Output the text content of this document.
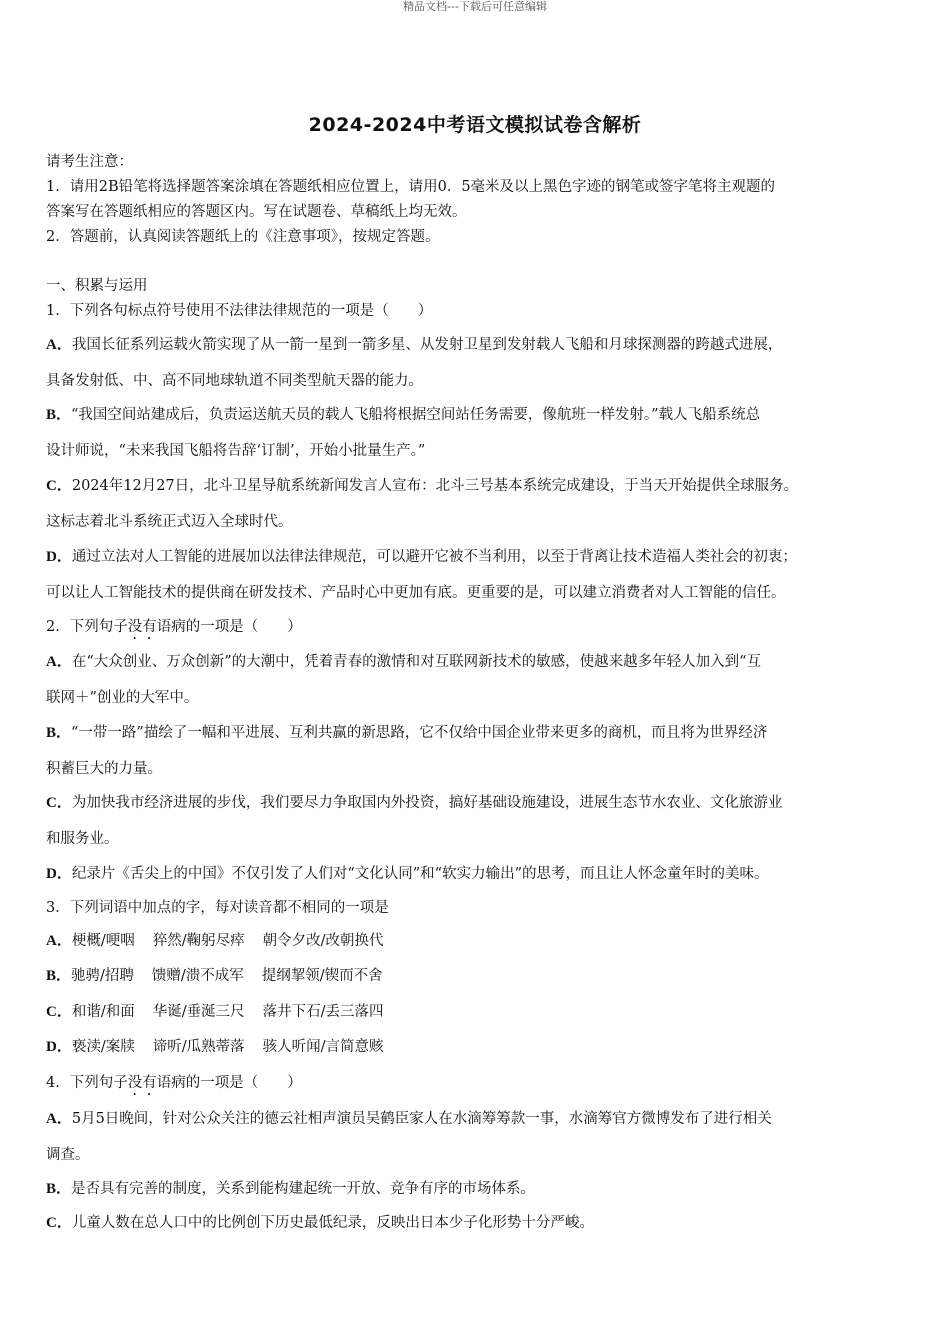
精品文档---下载后可任意编辑
2024-2024中考语文模拟试卷含解析
请考生注意：
1．请用2B铅笔将选择题答案涂填在答题纸相应位置上，请用0．5毫米及以上黑色字迹的钢笔或签字笔将主观题的
答案写在答题纸相应的答题区内。写在试题卷、草稿纸上均无效。
2．答题前，认真阅读答题纸上的《注意事项》，按规定答题。
一、积累与运用
1．下列各句标点符号使用不法律法律规范的一项是（　　）
A．我国长征系列运载火箭实现了从一箭一星到一箭多星、从发射卫星到发射载人飞船和月球探测器的跨越式进展，
具备发射低、中、高不同地球轨道不同类型航天器的能力。
B．“我国空间站建成后，负责运送航天员的载人飞船将根据空间站任务需要，像航班一样发射。”载人飞船系统总
设计师说，“未来我国飞船将告辞‘订制’，开始小批量生产。”
C．2024年12月27日，北斗卫星导航系统新闻发言人宣布：北斗三号基本系统完成建设，于当天开始提供全球服务。
这标志着北斗系统正式迈入全球时代。
D．通过立法对人工智能的进展加以法律法律规范，可以避开它被不当利用，以至于背离让技术造福人类社会的初衷；
可以让人工智能技术的提供商在研发技术、产品时心中更加有底。更重要的是，可以建立消费者对人工智能的信任。
2．下列句子没有语病的一项是（　　）
A．在“大众创业、万众创新”的大潮中，凭着青春的激情和对互联网新技术的敏感，使越来越多年轻人加入到“互
联网＋”创业的大军中。
B．“一带一路”描绘了一幅和平进展、互利共赢的新思路，它不仅给中国企业带来更多的商机，而且将为世界经济
积蓄巨大的力量。
C．为加快我市经济进展的步伐，我们要尽力争取国内外投资，搞好基础设施建设，进展生态节水农业、文化旅游业
和服务业。
D．纪录片《舌尖上的中国》不仅引发了人们对“文化认同”和“软实力输出”的思考，而且让人怀念童年时的美味。
3．下列词语中加点的字，每对读音都不相同的一项是
A．梗概/哽咽 猝然/鞠躬尽瘁 朝令夕改/改朝换代
B．驰骋/招聘 馈赠/溃不成军 提纲挈领/锲而不舍
C．和谐/和面 华诞/垂涎三尺 落井下石/丢三落四
D．亵渎/案牍 谛听/瓜熟蒂落 骇人听闻/言简意赅
4．下列句子没有语病的一项是（　　）
A．5月5日晚间，针对公众关注的德云社相声演员吴鹤臣家人在水滴筹筹款一事，水滴筹官方微博发布了进行相关
调查。
B．是否具有完善的制度，关系到能构建起统一开放、竞争有序的市场体系。
C．儿童人数在总人口中的比例创下历史最低纪录，反映出日本少子化形势十分严峻。
